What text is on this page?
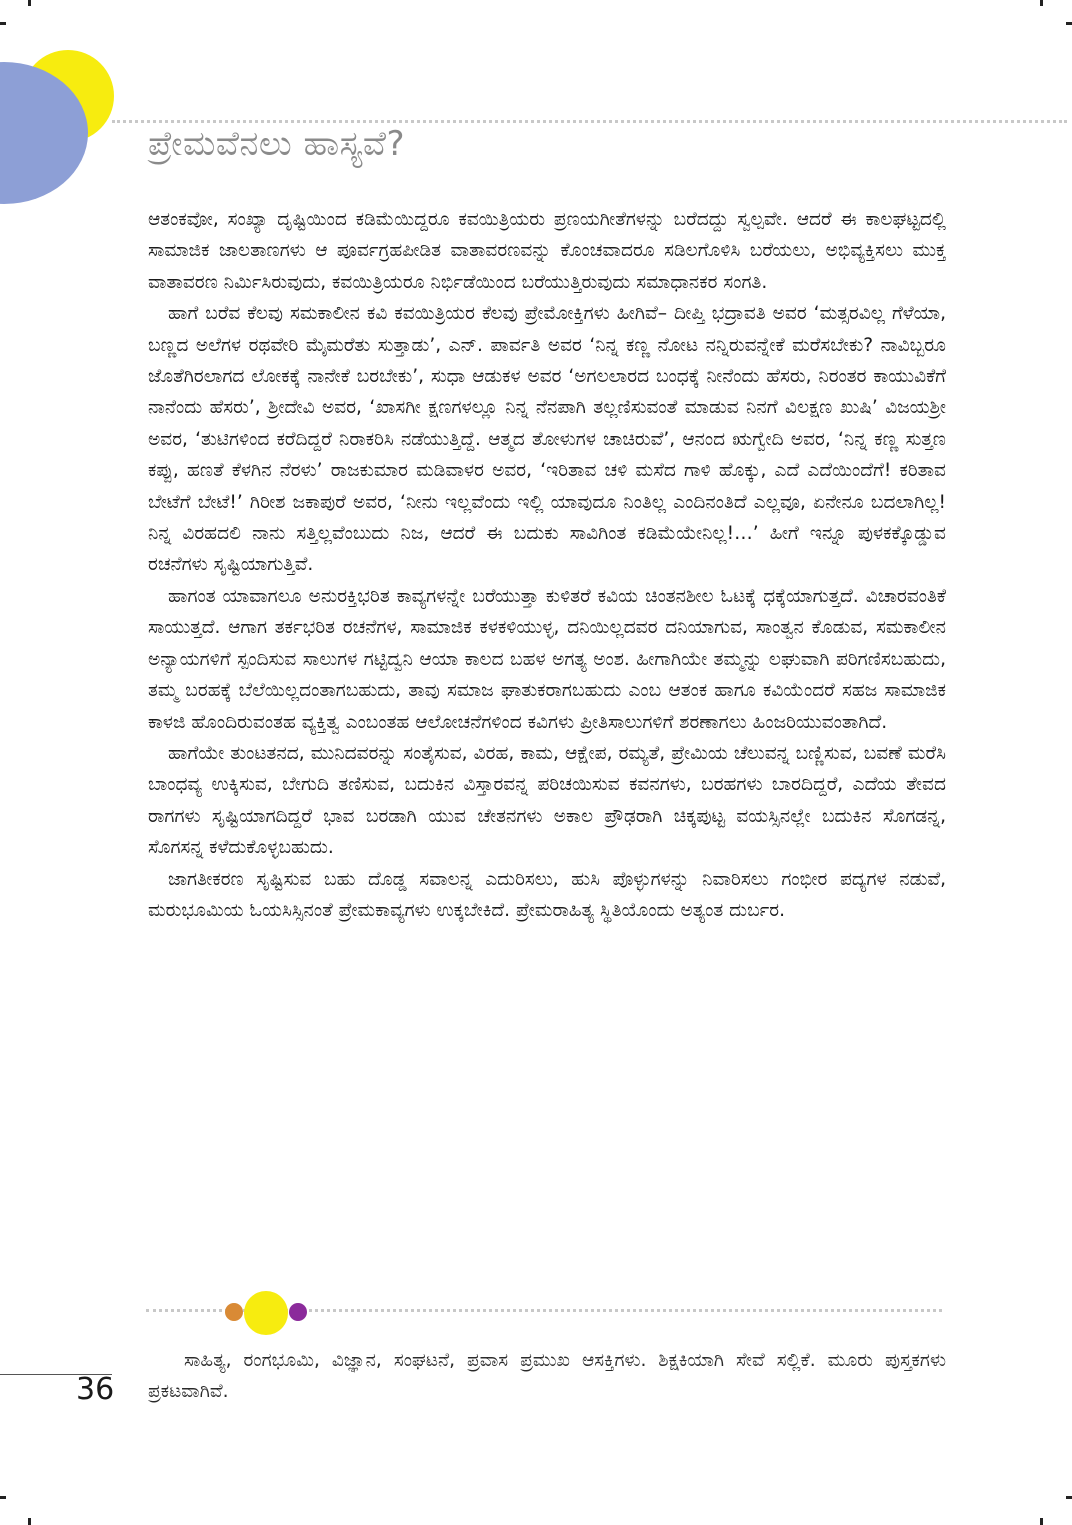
ಪ್ರೇಮವೆನಲು ಹಾಸ್ಯವೆ?

ಆತಂಕವೋ, ಸಂಖ್ಯಾ ದೃಷ್ಟಿಯಿಂದ ಕಡಿಮೆಯಿದ್ದರೂ ಕವಯಿತ್ರಿಯರು ಪ್ರಣಯಗೀತೆಗಳನ್ನು ಬರೆದದ್ದು ಸ್ವಲ್ಪವೇ. ಆದರೆ ಈ ಕಾಲಘಟ್ಟದಲ್ಲಿ ಸಾಮಾಜಿಕ ಜಾಲತಾಣಗಳು ಆ ಪೂರ್ವಗ್ರಹಪೀಡಿತ ವಾತಾವರಣವನ್ನು ಕೊಂಚವಾದರೂ ಸಡಿಲಗೊಳಿಸಿ ಬರೆಯಲು, ಅಭಿವ್ಯಕ್ತಿಸಲು ಮುಕ್ತ ವಾತಾವರಣ ನಿರ್ಮಿಸಿರುವುದು, ಕವಯಿತ್ರಿಯರೂ ನಿರ್ಭಿಡೆಯಿಂದ ಬರೆಯುತ್ತಿರುವುದು ಸಮಾಧಾನಕರ ಸಂಗತಿ.

ಹಾಗೆ ಬರೆವ ಕೆಲವು ಸಮಕಾಲೀನ ಕವಿ ಕವಯಿತ್ರಿಯರ ಕೆಲವು ಪ್ರೇಮೋಕ್ತಿಗಳು ಹೀಗಿವೆ– ದೀಪ್ತಿ ಭದ್ರಾವತಿ ಅವರ ‘ಮತ್ಸರವಿಲ್ಲ ಗೆಳೆಯಾ, ಬಣ್ಣದ ಅಲೆಗಳ ರಥವೇರಿ ಮೈಮರೆತು ಸುತ್ತಾಡು’, ಎನ್. ಪಾರ್ವತಿ ಅವರ ‘ನಿನ್ನ ಕಣ್ಣ ನೋಟ ನನ್ನಿರುವನ್ನೇಕೆ ಮರೆಸಬೇಕು? ನಾವಿಬ್ಬರೂ ಜೊತೆಗಿರಲಾಗದ ಲೋಕಕ್ಕೆ ನಾನೇಕೆ ಬರಬೇಕು’, ಸುಧಾ ಆಡುಕಳ ಅವರ ‘ಅಗಲಲಾರದ ಬಂಧಕ್ಕೆ ನೀನೆಂದು ಹೆಸರು, ನಿರಂತರ ಕಾಯುವಿಕೆಗೆ ನಾನೆಂದು ಹೆಸರು’, ಶ್ರೀದೇವಿ ಅವರ, ‘ಖಾಸಗೀ ಕ್ಷಣಗಳಲ್ಲೂ ನಿನ್ನ ನೆನಪಾಗಿ ತಲ್ಲಣಿಸುವಂತೆ ಮಾಡುವ ನಿನಗೆ ವಿಲಕ್ಷಣ ಖುಷಿ’ ವಿಜಯಶ್ರೀ ಅವರ, ‘ತುಟಿಗಳಿಂದ ಕರೆದಿದ್ದರೆ ನಿರಾಕರಿಸಿ ನಡೆಯುತ್ತಿದ್ದೆ. ಆತ್ಮದ ತೋಳುಗಳ ಚಾಚಿರುವೆ’, ಆನಂದ ಋಗ್ವೇದಿ ಅವರ, ‘ನಿನ್ನ ಕಣ್ಣ ಸುತ್ತಣ ಕಪ್ಪು, ಹಣತೆ ಕೆಳಗಿನ ನೆರಳು’ ರಾಜಕುಮಾರ ಮಡಿವಾಳರ ಅವರ, ‘ಇರಿತಾವ ಚಳಿ ಮಸೆದ ಗಾಳಿ ಹೊಕ್ಕು, ಎದೆ ಎದೆಯಿಂದೆಗೆ! ಕರಿತಾವ ಬೇಟೆಗೆ ಬೇಟೆ!’ ಗಿರೀಶ ಜಕಾಪುರೆ ಅವರ, ‘ನೀನು ಇಲ್ಲವೆಂದು ಇಲ್ಲಿ ಯಾವುದೂ ನಿಂತಿಲ್ಲ ಎಂದಿನಂತಿದೆ ಎಲ್ಲವೂ, ಏನೇನೂ ಬದಲಾಗಿಲ್ಲ! ನಿನ್ನ ವಿರಹದಲಿ ನಾನು ಸತ್ತಿಲ್ಲವೆಂಬುದು ನಿಜ, ಆದರೆ ಈ ಬದುಕು ಸಾವಿಗಿಂತ ಕಡಿಮೆಯೇನಿಲ್ಲ!…’ ಹೀಗೆ ಇನ್ನೂ ಪುಳಕಕ್ಕೊಡ್ಡುವ ರಚನೆಗಳು ಸೃಷ್ಟಿಯಾಗುತ್ತಿವೆ.

ಹಾಗಂತ ಯಾವಾಗಲೂ ಅನುರಕ್ತಿಭರಿತ ಕಾವ್ಯಗಳನ್ನೇ ಬರೆಯುತ್ತಾ ಕುಳಿತರೆ ಕವಿಯ ಚಿಂತನಶೀಲ ಓಟಕ್ಕೆ ಧಕ್ಕೆಯಾಗುತ್ತದೆ. ವಿಚಾರವಂತಿಕೆ ಸಾಯುತ್ತದೆ. ಆಗಾಗ ತರ್ಕಭರಿತ ರಚನೆಗಳ, ಸಾಮಾಜಿಕ ಕಳಕಳಿಯುಳ್ಳ, ದನಿಯಿಲ್ಲದವರ ದನಿಯಾಗುವ, ಸಾಂತ್ವನ ಕೊಡುವ, ಸಮಕಾಲೀನ ಅನ್ಯಾಯಗಳಿಗೆ ಸ್ಪಂದಿಸುವ ಸಾಲುಗಳ ಗಟ್ಟಿದ್ವನಿ ಆಯಾ ಕಾಲದ ಬಹಳ ಅಗತ್ಯ ಅಂಶ. ಹೀಗಾಗಿಯೇ ತಮ್ಮನ್ನು ಲಘುವಾಗಿ ಪರಿಗಣಿಸಬಹುದು, ತಮ್ಮ ಬರಹಕ್ಕೆ ಬೆಲೆಯಿಲ್ಲದಂತಾಗಬಹುದು, ತಾವು ಸಮಾಜ ಘಾತುಕರಾಗಬಹುದು ಎಂಬ ಆತಂಕ ಹಾಗೂ ಕವಿಯೆಂದರೆ ಸಹಜ ಸಾಮಾಜಿಕ ಕಾಳಜಿ ಹೊಂದಿರುವಂತಹ ವ್ಯಕ್ತಿತ್ವ ಎಂಬಂತಹ ಆಲೋಚನೆಗಳಿಂದ ಕವಿಗಳು ಪ್ರೀತಿಸಾಲುಗಳಿಗೆ ಶರಣಾಗಲು ಹಿಂಜರಿಯುವಂತಾಗಿದೆ.

ಹಾಗೆಯೇ ತುಂಟತನದ, ಮುನಿದವರನ್ನು ಸಂತೈಸುವ, ವಿರಹ, ಕಾಮ, ಆಕ್ಷೇಪ, ರಮ್ಯತೆ, ಪ್ರೇಮಿಯ ಚೆಲುವನ್ನ ಬಣ್ಣಿಸುವ, ಬವಣೆ ಮರೆಸಿ ಬಾಂಧವ್ಯ ಉಕ್ಕಿಸುವ, ಬೇಗುದಿ ತಣಿಸುವ, ಬದುಕಿನ ವಿಸ್ತಾರವನ್ನ ಪರಿಚಯಿಸುವ ಕವನಗಳು, ಬರಹಗಳು ಬಾರದಿದ್ದರೆ, ಎದೆಯ ತೇವದ ರಾಗಗಳು ಸೃಷ್ಟಿಯಾಗದಿದ್ದರೆ ಭಾವ ಬರಡಾಗಿ ಯುವ ಚೇತನಗಳು ಅಕಾಲ ಪ್ರೌಢರಾಗಿ ಚಿಕ್ಕಪುಟ್ಟ ವಯಸ್ಸಿನಲ್ಲೇ ಬದುಕಿನ ಸೊಗಡನ್ನ, ಸೊಗಸನ್ನ ಕಳೆದುಕೊಳ್ಳಬಹುದು.

ಜಾಗತೀಕರಣ ಸೃಷ್ಟಿಸುವ ಬಹು ದೊಡ್ಡ ಸವಾಲನ್ನ ಎದುರಿಸಲು, ಹುಸಿ ಪೊಳ್ಳುಗಳನ್ನು ನಿವಾರಿಸಲು ಗಂಭೀರ ಪದ್ಯಗಳ ನಡುವೆ, ಮರುಭೂಮಿಯ ಓಯಸಿಸ್ಸಿನಂತೆ ಪ್ರೇಮಕಾವ್ಯಗಳು ಉಕ್ಕಬೇಕಿದೆ. ಪ್ರೇಮರಾಹಿತ್ಯ ಸ್ಥಿತಿಯೊಂದು ಅತ್ಯಂತ ದುರ್ಬರ.

ಸಾಹಿತ್ಯ, ರಂಗಭೂಮಿ, ವಿಜ್ಞಾನ, ಸಂಘಟನೆ, ಪ್ರವಾಸ ಪ್ರಮುಖ ಆಸಕ್ತಿಗಳು. ಶಿಕ್ಷಕಿಯಾಗಿ ಸೇವೆ ಸಲ್ಲಿಕೆ. ಮೂರು ಪುಸ್ತಕಗಳು ಪ್ರಕಟವಾಗಿವೆ.

36
